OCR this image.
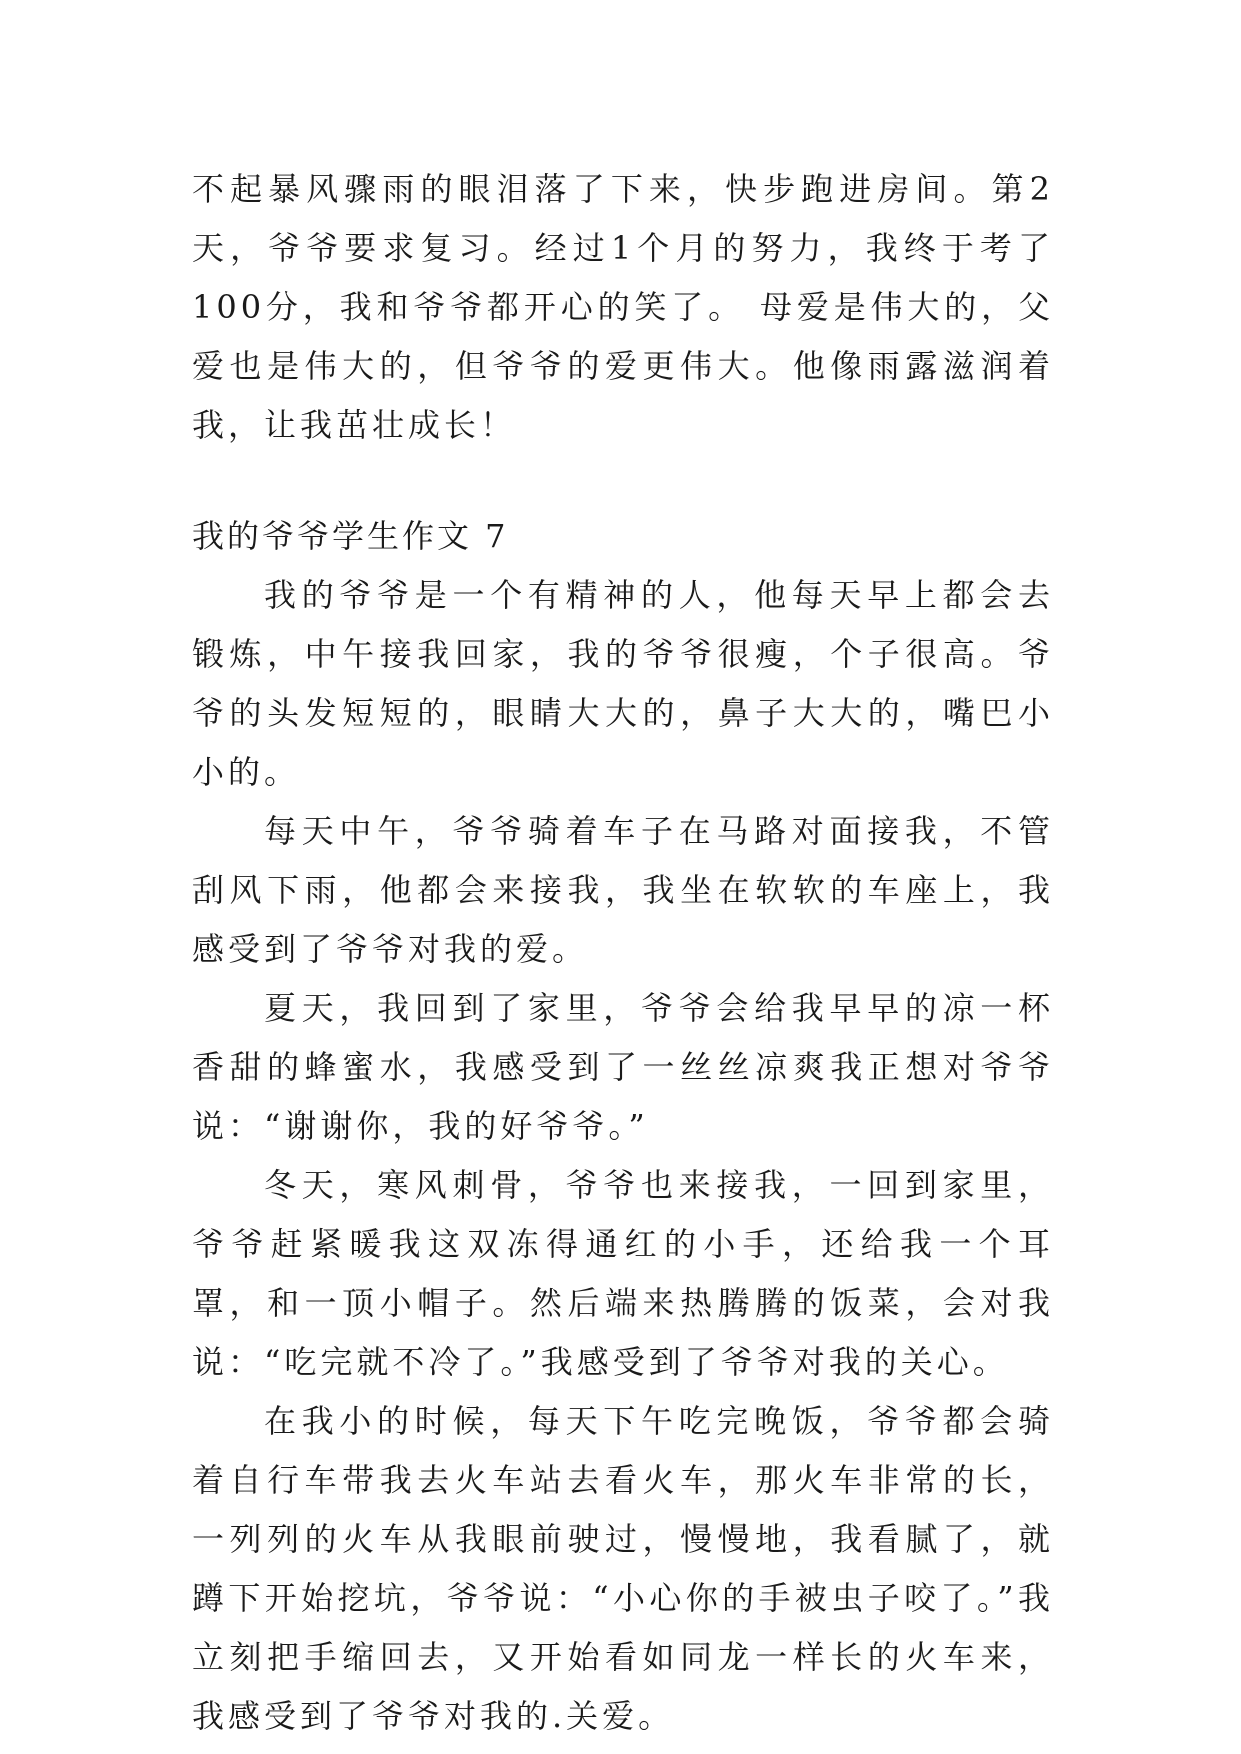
不起暴风骤雨的眼泪落了下来，快步跑进房间。第2天，爷爷要求复习。经过1个月的努力，我终于考了100分，我和爷爷都开心的笑了。 母爱是伟大的，父爱也是伟大的，但爷爷的爱更伟大。他像雨露滋润着我，让我茁壮成长！

我的爷爷学生作文 7

我的爷爷是一个有精神的人，他每天早上都会去锻炼，中午接我回家，我的爷爷很瘦，个子很高。爷爷的头发短短的，眼睛大大的，鼻子大大的，嘴巴小小的。

每天中午，爷爷骑着车子在马路对面接我，不管刮风下雨，他都会来接我，我坐在软软的车座上，我感受到了爷爷对我的爱。

夏天，我回到了家里，爷爷会给我早早的凉一杯香甜的蜂蜜水，我感受到了一丝丝凉爽我正想对爷爷说：“谢谢你，我的好爷爷。”

冬天，寒风刺骨，爷爷也来接我，一回到家里，爷爷赶紧暖我这双冻得通红的小手，还给我一个耳罩，和一顶小帽子。然后端来热腾腾的饭菜，会对我说：“吃完就不冷了。”我感受到了爷爷对我的关心。

在我小的时候，每天下午吃完晚饭，爷爷都会骑着自行车带我去火车站去看火车，那火车非常的长，一列列的火车从我眼前驶过，慢慢地，我看腻了，就蹲下开始挖坑，爷爷说：“小心你的手被虫子咬了。”我立刻把手缩回去，又开始看如同龙一样长的火车来，我感受到了爷爷对我的.关爱。
